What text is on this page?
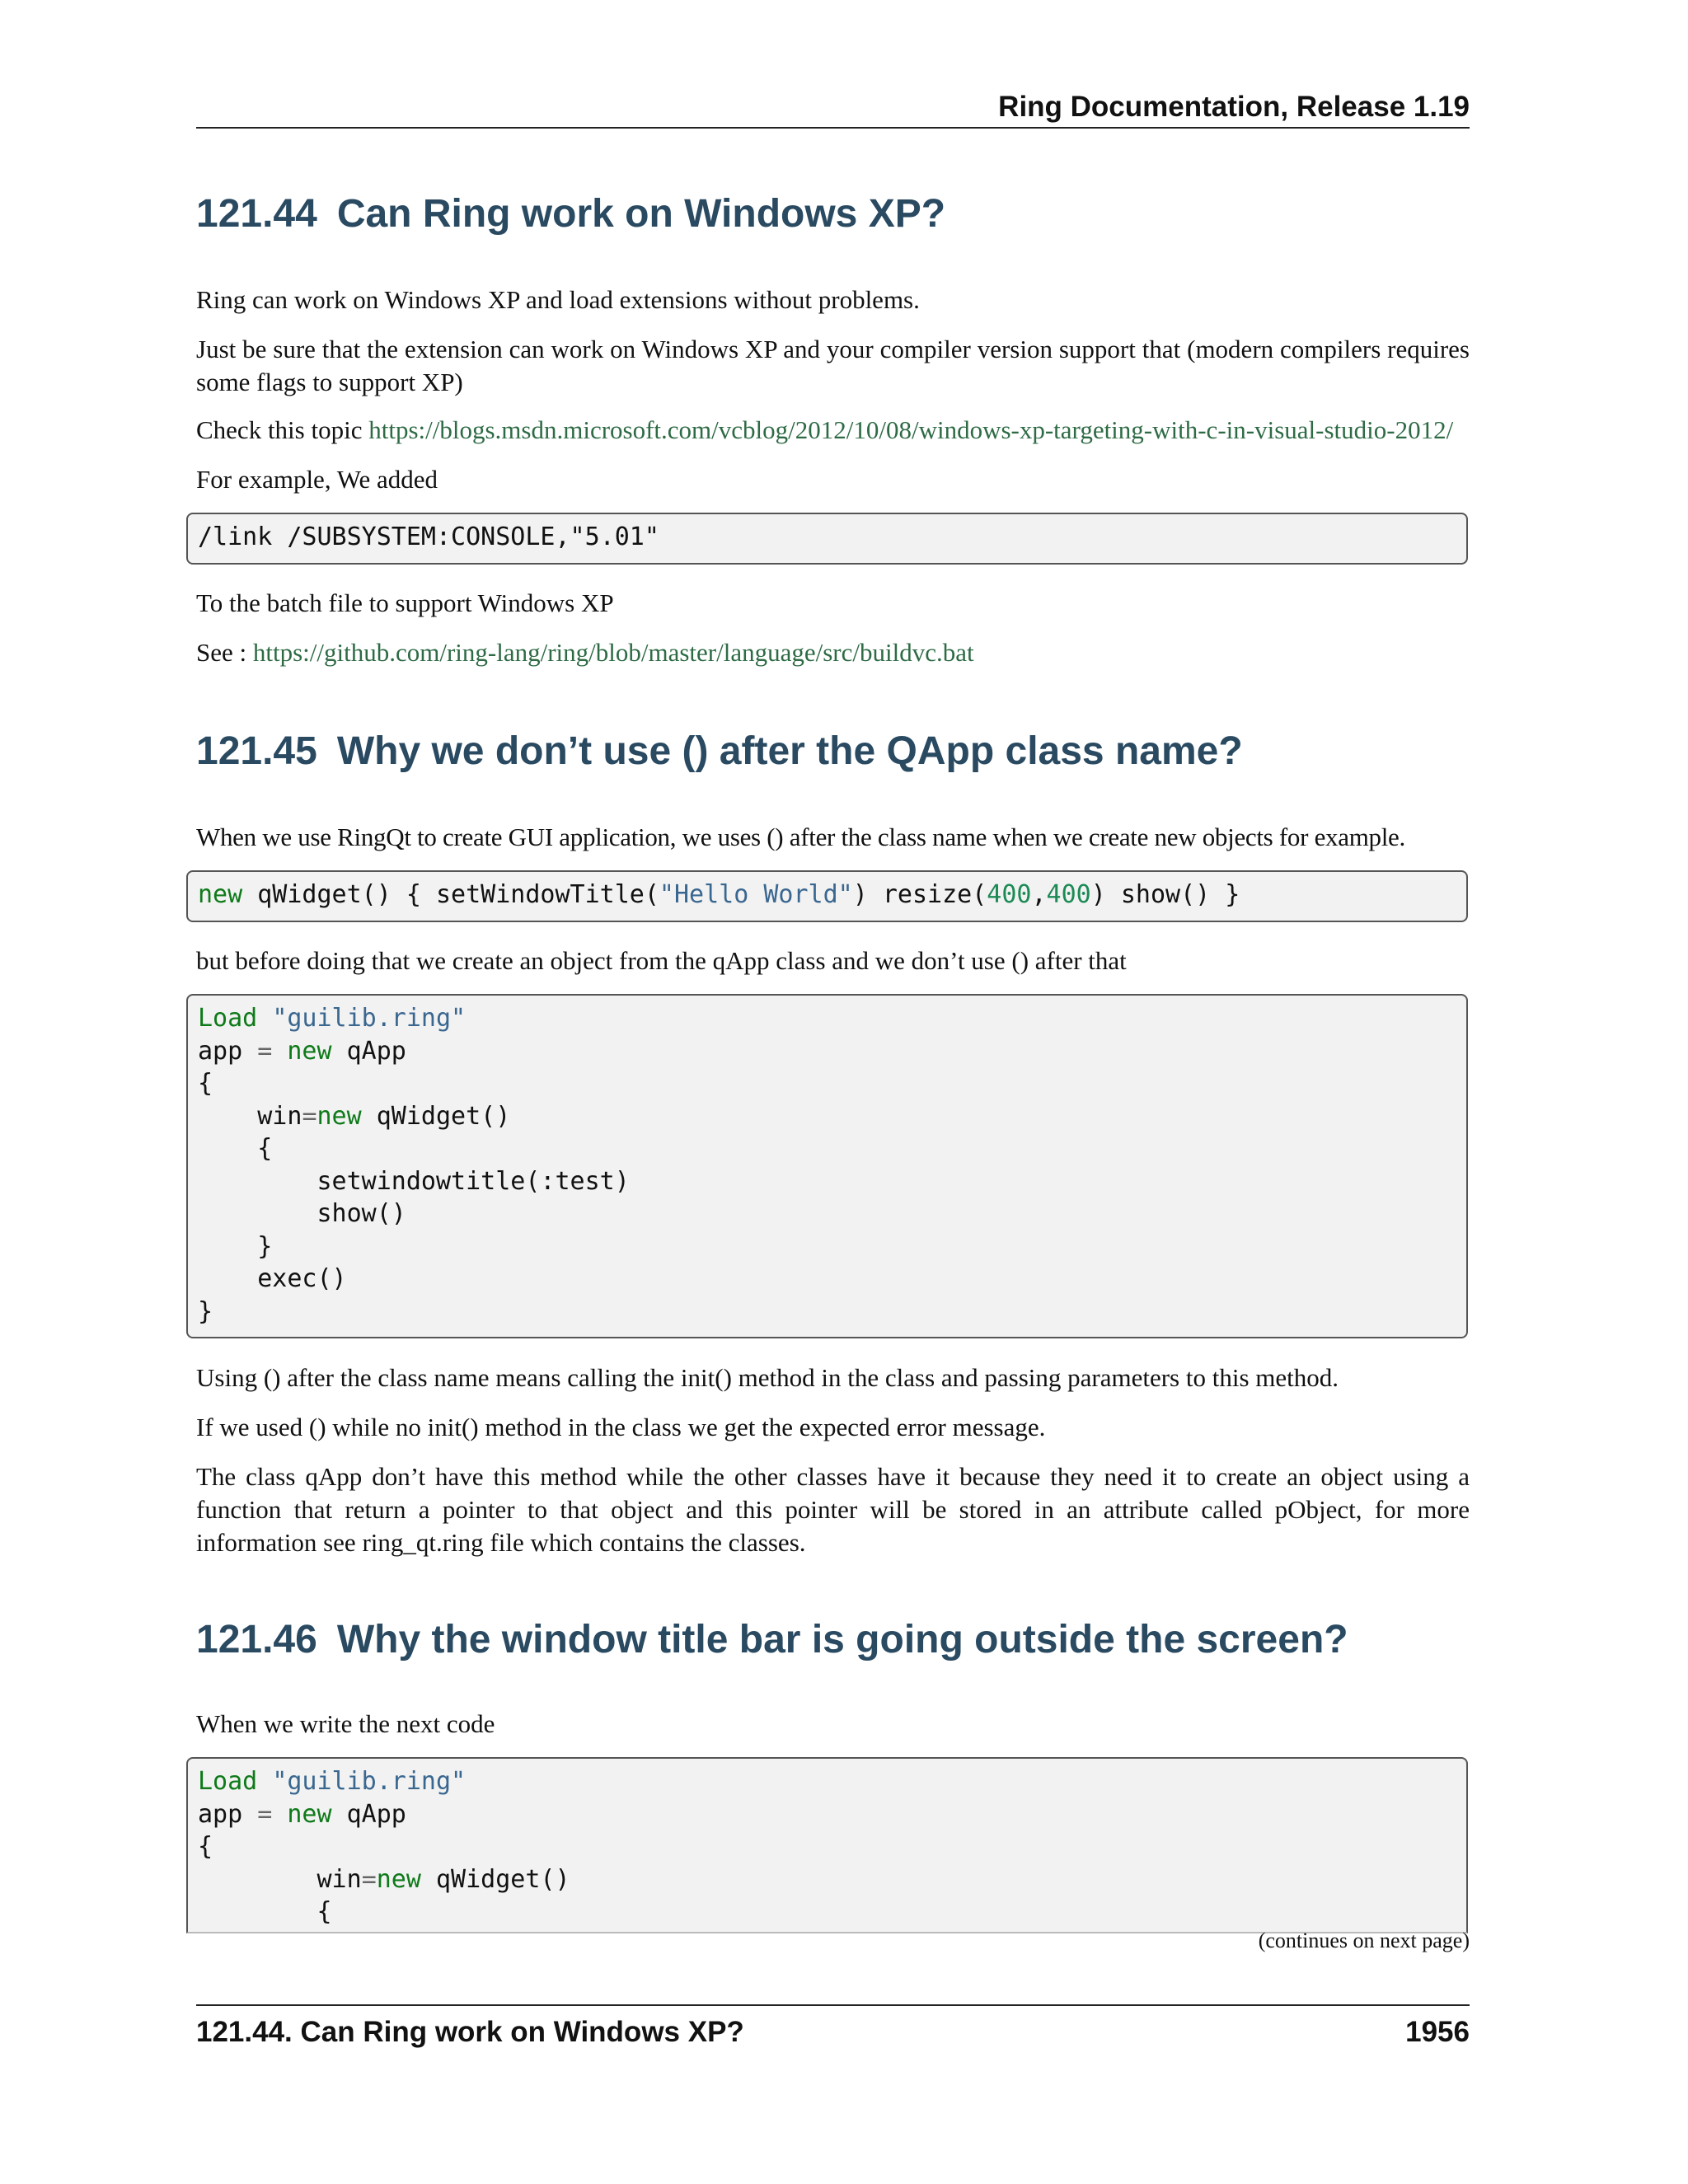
Ring Documentation, Release 1.19
121.44 Can Ring work on Windows XP?

Ring can work on Windows XP and load extensions without problems.

Just be sure that the extension can work on Windows XP and your compiler version support that (modern compilers requires some flags to support XP)

Check this topic https://blogs.msdn.microsoft.com/vcblog/2012/10/08/windows-xp-targeting-with-c-in-visual-studio-2012/

For example, We added

/link /SUBSYSTEM:CONSOLE,"5.01"

To the batch file to support Windows XP

See : https://github.com/ring-lang/ring/blob/master/language/src/buildvc.bat

121.45 Why we don’t use () after the QApp class name?

When we use RingQt to create GUI application, we uses () after the class name when we create new objects for example.

new qWidget() { setWindowTitle("Hello World") resize(400,400) show() }

but before doing that we create an object from the qApp class and we don’t use () after that

Load "guilib.ring"
app = new qApp
{
win=new qWidget()
{
setwindowtitle(:test)
show()
}
exec()
}

Using () after the class name means calling the init() method in the class and passing parameters to this method.

If we used () while no init() method in the class we get the expected error message.

The class qApp don’t have this method while the other classes have it because they need it to create an object using a function that return a pointer to that object and this pointer will be stored in an attribute called pObject, for more information see ring_qt.ring file which contains the classes.

121.46 Why the window title bar is going outside the screen?

When we write the next code

Load "guilib.ring"
app = new qApp
{
win=new qWidget()
{
(continues on next page)
121.44. Can Ring work on Windows XP?	1956
